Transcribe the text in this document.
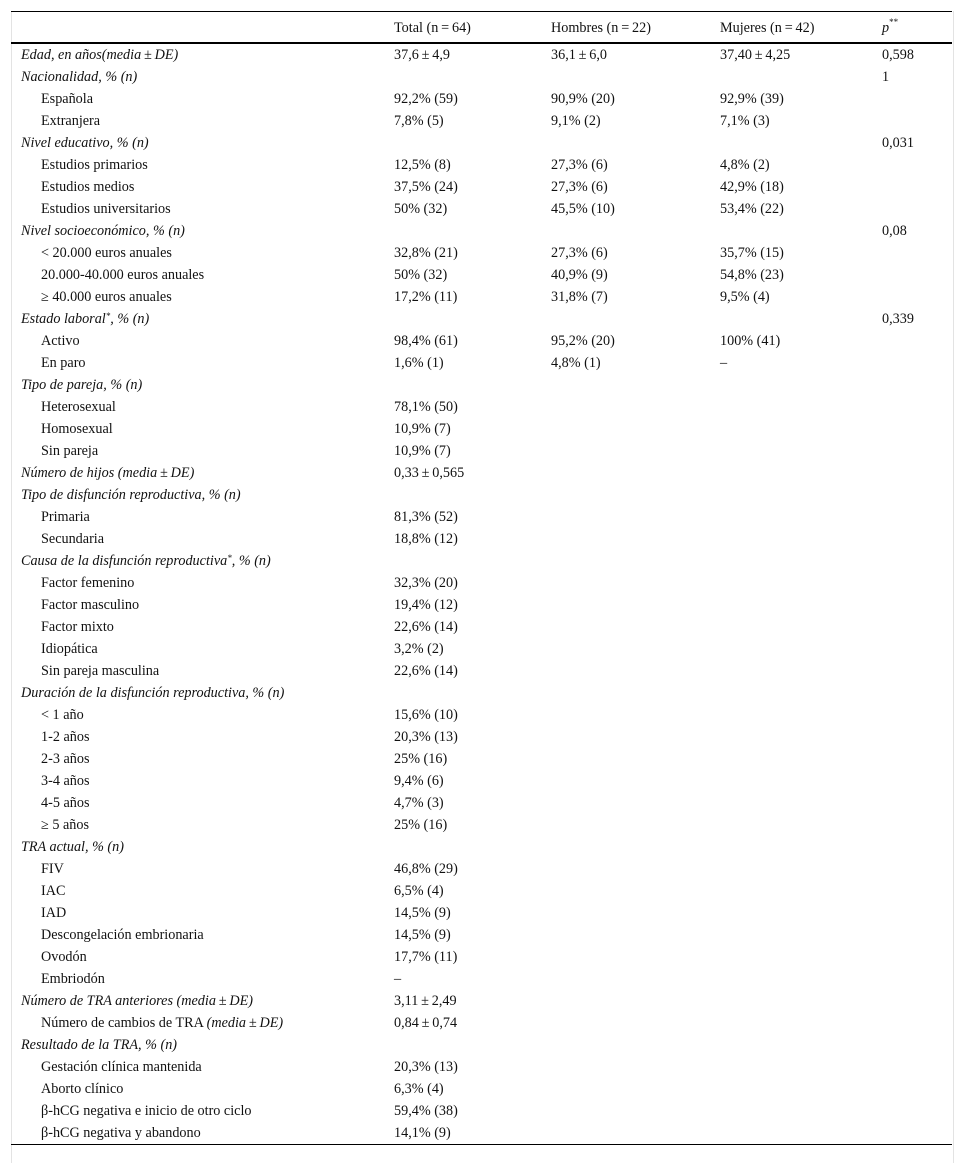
	Total (n = 64)	Hombres (n = 22)	Mujeres (n = 42)	p**
Edad, en años(media ± DE)	37,6 ± 4,9	36,1 ± 6,0	37,40 ± 4,25	0,598
Nacionalidad, % (n)				1
Española	92,2% (59)	90,9% (20)	92,9% (39)	
Extranjera	7,8% (5)	9,1% (2)	7,1% (3)	
Nivel educativo, % (n)				0,031
Estudios primarios	12,5% (8)	27,3% (6)	4,8% (2)	
Estudios medios	37,5% (24)	27,3% (6)	42,9% (18)	
Estudios universitarios	50% (32)	45,5% (10)	53,4% (22)	
Nivel socioeconómico, % (n)				0,08
< 20.000 euros anuales	32,8% (21)	27,3% (6)	35,7% (15)	
20.000-40.000 euros anuales	50% (32)	40,9% (9)	54,8% (23)	
≥ 40.000 euros anuales	17,2% (11)	31,8% (7)	9,5% (4)	
Estado laboral*, % (n)				0,339
Activo	98,4% (61)	95,2% (20)	100% (41)	
En paro	1,6% (1)	4,8% (1)	–	
Tipo de pareja, % (n)				
Heterosexual	78,1% (50)			
Homosexual	10,9% (7)			
Sin pareja	10,9% (7)			
Número de hijos (media ± DE)	0,33 ± 0,565			
Tipo de disfunción reproductiva, % (n)				
Primaria	81,3% (52)			
Secundaria	18,8% (12)			
Causa de la disfunción reproductiva*, % (n)				
Factor femenino	32,3% (20)			
Factor masculino	19,4% (12)			
Factor mixto	22,6% (14)			
Idiopática	3,2% (2)			
Sin pareja masculina	22,6% (14)			
Duración de la disfunción reproductiva, % (n)				
< 1 año	15,6% (10)			
1-2 años	20,3% (13)			
2-3 años	25% (16)			
3-4 años	9,4% (6)			
4-5 años	4,7% (3)			
≥ 5 años	25% (16)			
TRA actual, % (n)				
FIV	46,8% (29)			
IAC	6,5% (4)			
IAD	14,5% (9)			
Descongelación embrionaria	14,5% (9)			
Ovodón	17,7% (11)			
Embriodón	–			
Número de TRA anteriores (media ± DE)	3,11 ± 2,49			
Número de cambios de TRA (media ± DE)	0,84 ± 0,74			
Resultado de la TRA, % (n)				
Gestación clínica mantenida	20,3% (13)			
Aborto clínico	6,3% (4)			
β-hCG negativa e inicio de otro ciclo	59,4% (38)			
β-hCG negativa y abandono	14,1% (9)			
